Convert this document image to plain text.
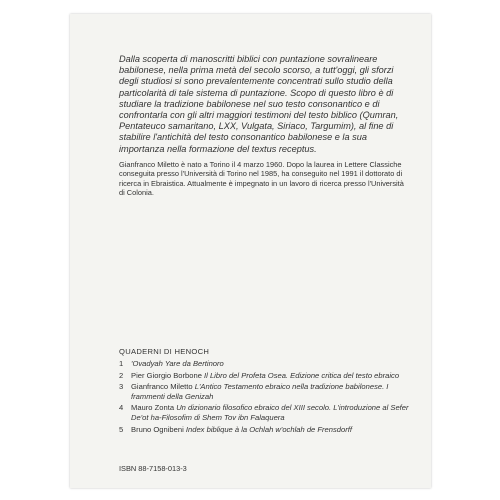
Dalla scoperta di manoscritti biblici con puntazione sovralineare babilonese, nella prima metà del secolo scorso, a tutt'oggi, gli sforzi degli studiosi si sono prevalentemente concentrati sullo studio della particolarità di tale sistema di puntazione. Scopo di questo libro è di studiare la tradizione babilonese nel suo testo consonantico e di confrontarla con gli altri maggiori testimoni del testo biblico (Qumran, Pentateuco samaritano, LXX, Vulgata, Siriaco, Targumim), al fine di stabilire l'antichità del testo consonantico babilonese e la sua importanza nella formazione del textus receptus.
Gianfranco Miletto è nato a Torino il 4 marzo 1960. Dopo la laurea in Lettere Classiche conseguita presso l'Università di Torino nel 1985, ha conseguito nel 1991 il dottorato di ricerca in Ebraistica. Attualmente è impegnato in un lavoro di ricerca presso l'Università di Colonia.
QUADERNI DI HENOCH
1 'Ovadyah Yare da Bertinoro
2 Pier Giorgio Borbone Il Libro del Profeta Osea. Edizione critica del testo ebraico
3 Gianfranco Miletto L'Antico Testamento ebraico nella tradizione babilonese. I frammenti della Genizah
4 Mauro Zonta Un dizionario filosofico ebraico del XIII secolo. L'introduzione al Sefer De'ot ha-Filosofim di Shem Tov ibn Falaquera
5 Bruno Ognibeni Index biblique à la Ochlah w'ochlah de Frensdorff
ISBN 88-7158-013-3
